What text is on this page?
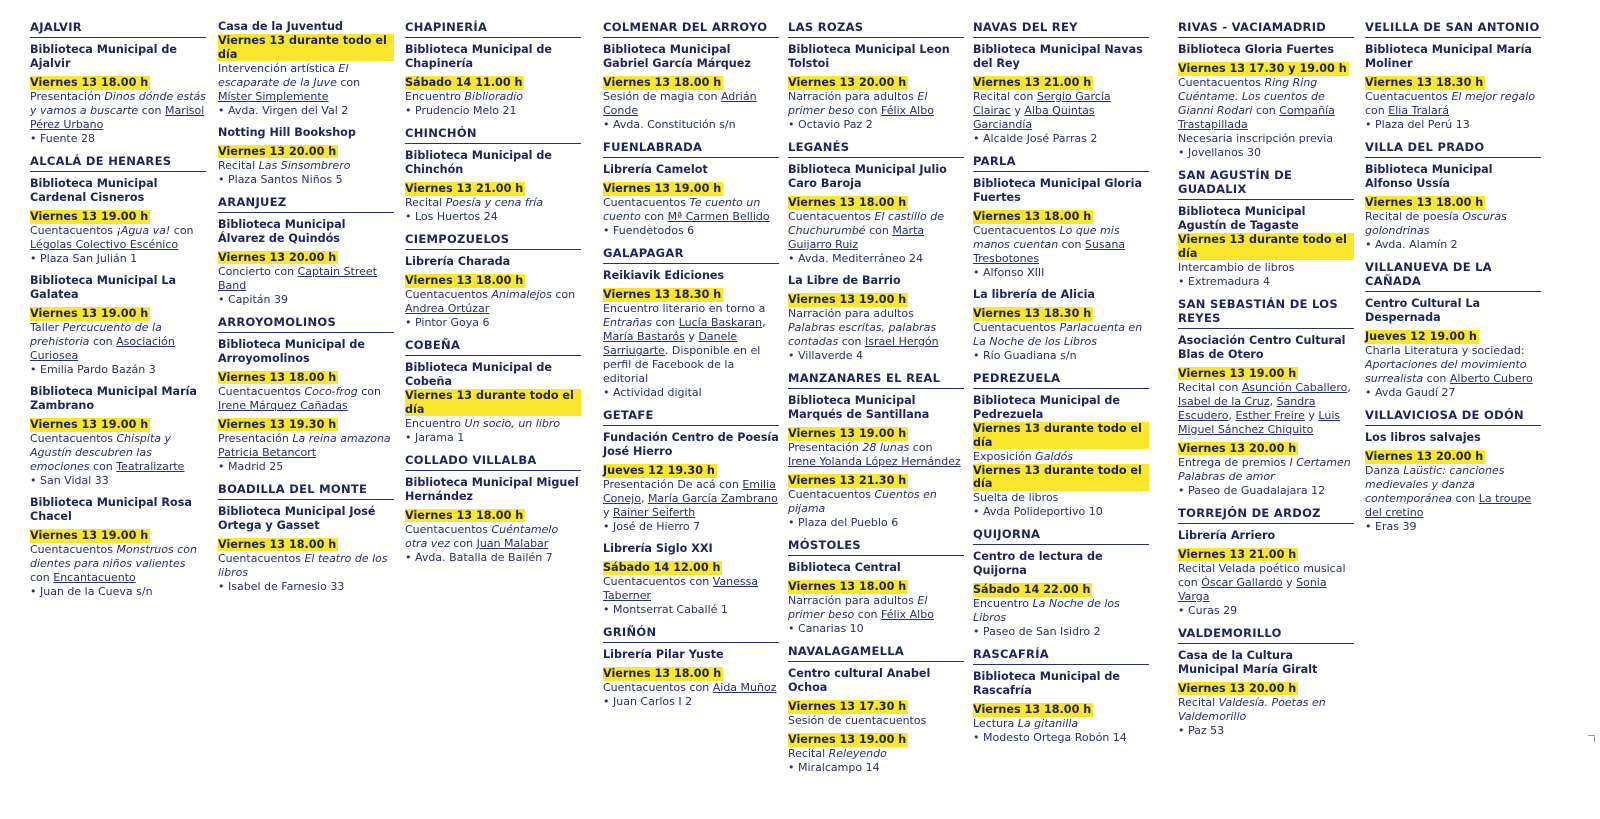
AJALVIR
Biblioteca Municipal de Ajalvir
Viernes 13 18.00 h
Presentación Dinos dónde estás y vamos a buscarte con Marisol Pérez Urbano
• Fuente 28
ALCALÁ DE HENARES
Biblioteca Municipal Cardenal Cisneros
Viernes 13 19.00 h
Cuentacuentos ¡Agua va! con Légolas Colectivo Escénico
• Plaza San Julián 1
Biblioteca Municipal La Galatea
Viernes 13 19.00 h
Taller Percucuento de la prehistoria con Asociación Curiosea
• Emilia Pardo Bazán 3
Biblioteca Municipal María Zambrano
Viernes 13 19.00 h
Cuentacuentos Chispita y Agustín descubren las emociones con Teatralizarte
• San Vidal 33
Biblioteca Municipal Rosa Chacel
Viernes 13 19.00 h
Cuentacuentos Monstruos con dientes para niños valientes con Encantacuento
• Juan de la Cueva s/n
Casa de la Juventud
Viernes 13 durante todo el día
Intervención artística El escaparate de la Juve con Míster Simplemente
• Avda. Virgen del Val 2
Notting Hill Bookshop
Viernes 13 20.00 h
Recital Las Sinsombrero
• Plaza Santos Niños 5
ARANJUEZ
Biblioteca Municipal Álvarez de Quindós
Viernes 13 20.00 h
Concierto con Captain Street Band
• Capitán 39
ARROYOMOLINOS
Biblioteca Municipal de Arroyomolinos
Viernes 13 18.00 h
Cuentacuentos Coco-frog con Irene Márquez Cañadas
Viernes 13 19.30 h
Presentación La reina amazona Patricia Betancort
• Madrid 25
BOADILLA DEL MONTE
Biblioteca Municipal José Ortega y Gasset
Viernes 13 18.00 h
Cuentacuentos El teatro de los libros
• Isabel de Farnesio 33
CHAPINERÍA
Biblioteca Municipal de Chapinería
Sábado 14 11.00 h
Encuentro Biblioradio
• Prudencio Melo 21
CHINCHÓN
Biblioteca Municipal de Chinchón
Viernes 13 21.00 h
Recital Poesía y cena fría
• Los Huertos 24
CIEMPOZUELOS
Librería Charada
Viernes 13 18.00 h
Cuentacuentos Animalejos con Andrea Ortúzar
• Pintor Goya 6
COBEÑA
Biblioteca Municipal de Cobeña
Viernes 13 durante todo el día
Encuentro Un socio, un libro
• Jarama 1
COLLADO VILLALBA
Biblioteca Municipal Miguel Hernández
Viernes 13 18.00 h
Cuentacuentos Cuéntamelo otra vez con Juan Malabar
• Avda. Batalla de Bailén 7
COLMENAR DEL ARROYO
Biblioteca Municipal Gabriel García Márquez
Viernes 13 18.00 h
Sesión de magia con Adrián Conde
• Avda. Constitución s/n
FUENLABRADA
Librería Camelot
Viernes 13 19.00 h
Cuentacuentos Te cuento un cuento con Mª Carmen Bellido
• Fuendetodos 6
GALAPAGAR
Reikiavik Ediciones
Viernes 13 18.30 h
Encuentro literario en torno a Entrañas con Lucía Baskaran, María Bastarós y Danele Sarriugarte. Disponible en el perfil de Facebook de la editorial
• Actividad digital
GETAFE
Fundación Centro de Poesía José Hierro
Jueves 12 19.30 h
Presentación De acá con Emilia Conejo, María García Zambrano y Rainer Seiferth
• José de Hierro 7
Librería Siglo XXI
Sábado 14 12.00 h
Cuentacuentos con Vanessa Taberner
• Montserrat Caballé 1
GRIÑÓN
Librería Pilar Yuste
Viernes 13 18.00 h
Cuentacuentos con Aida Muñoz
• Juan Carlos I 2
LAS ROZAS
Biblioteca Municipal Leon Tolstoi
Viernes 13 20.00 h
Narración para adultos El primer beso con Félix Albo
• Octavio Paz 2
LEGANÉS
Biblioteca Municipal Julio Caro Baroja
Viernes 13 18.00 h
Cuentacuentos El castillo de Chuchurumbé con Marta Guijarro Ruiz
• Avda. Mediterráneo 24
La Libre de Barrio
Viernes 13 19.00 h
Narración para adultos Palabras escritas, palabras contadas con Israel Hergón
• Villaverde 4
MANZANARES EL REAL
Biblioteca Municipal Marqués de Santillana
Viernes 13 19.00 h
Presentación 28 lunas con Irene Yolanda López Hernández
Viernes 13 21.30 h
Cuentacuentos Cuentos en pijama
• Plaza del Pueblo 6
MÓSTOLES
Biblioteca Central
Viernes 13 18.00 h
Narración para adultos El primer beso con Félix Albo
• Canarias 10
NAVALAGAMELLA
Centro cultural Anabel Ochoa
Viernes 13 17.30 h
Sesión de cuentacuentos
Viernes 13 19.00 h
Recital Releyendo
• Miralcampo 14
NAVAS DEL REY
Biblioteca Municipal Navas del Rey
Viernes 13 21.00 h
Recital con Sergio García Clairac y Alba Quintas Garciandía
• Alcalde José Parras 2
PARLA
Biblioteca Municipal Gloria Fuertes
Viernes 13 18.00 h
Cuentacuentos Lo que mis manos cuentan con Susana Tresbotones
• Alfonso XIII
La librería de Alicia
Viernes 13 18.30 h
Cuentacuentos Parlacuenta en La Noche de los Libros
• Río Guadiana s/n
PEDREZUELA
Biblioteca Municipal de Pedrezuela
Viernes 13 durante todo el día
Exposición Galdós
Viernes 13 durante todo el día
Suelta de libros
• Avda Polideportivo 10
QUIJORNA
Centro de lectura de Quijorna
Sábado 14 22.00 h
Encuentro La Noche de los Libros
• Paseo de San Isidro 2
RASCAFRÍA
Biblioteca Municipal de Rascafría
Viernes 13 18.00 h
Lectura La gitanilla
• Modesto Ortega Robón 14
RIVAS - VACIAMADRID
Biblioteca Gloria Fuertes
Viernes 13 17.30 y 19.00 h
Cuentacuentos Ring Ring Cuéntame. Los cuentos de Gianni Rodari con Compañía Trastapillada
Necesaria inscripción previa
• Jovellanos 30
SAN AGUSTÍN DE GUADALIX
Biblioteca Municipal Agustín de Tagaste
Viernes 13 durante todo el día
Intercambio de libros
• Extremadura 4
SAN SEBASTIÁN DE LOS REYES
Asociación Centro Cultural Blas de Otero
Viernes 13 19.00 h
Recital con Asunción Caballero, Isabel de la Cruz, Sandra Escudero, Esther Freire y Luis Miguel Sánchez Chiquito
Viernes 13 20.00 h
Entrega de premios I Certamen Palabras de amor
• Paseo de Guadalajara 12
TORREJÓN DE ARDOZ
Librería Arriero
Viernes 13 21.00 h
Recital Velada poético musical con Óscar Gallardo y Sonia Varga
• Curas 29
VALDEMORILLO
Casa de la Cultura Municipal María Giralt
Viernes 13 20.00 h
Recital Valdesía. Poetas en Valdemorillo
• Paz 53
VELILLA DE SAN ANTONIO
Biblioteca Municipal María Moliner
Viernes 13 18.30 h
Cuentacuentos El mejor regalo con Elia Tralará
• Plaza del Perú 13
VILLA DEL PRADO
Biblioteca Municipal Alfonso Ussía
Viernes 13 18.00 h
Recital de poesía Oscuras golondrinas
• Avda. Alamín 2
VILLANUEVA DE LA CAÑADA
Centro Cultural La Despernada
Jueves 12 19.00 h
Charla Literatura y sociedad: Aportaciones del movimiento surrealista con Alberto Cubero
• Avda Gaudí 27
VILLAVICIOSA DE ODÓN
Los libros salvajes
Viernes 13 20.00 h
Danza Laüstic: canciones medievales y danza contemporánea con La troupe del cretino
• Eras 39
